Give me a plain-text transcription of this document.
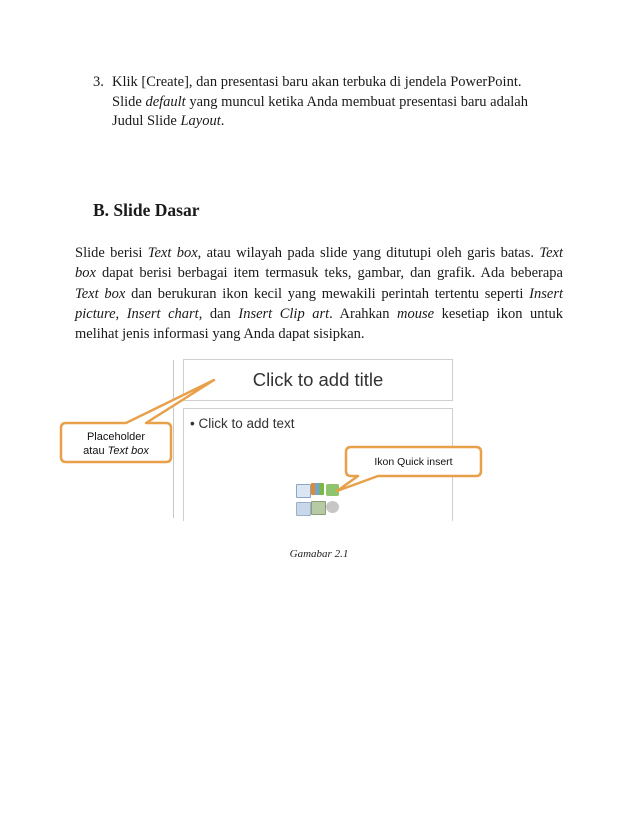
3. Klik [Create], dan presentasi baru akan terbuka di jendela PowerPoint.
Slide default yang muncul ketika Anda membuat presentasi baru adalah
Judul Slide Layout.
B. Slide Dasar
Slide berisi Text box, atau wilayah pada slide yang ditutupi oleh garis batas. Text box dapat berisi berbagai item termasuk teks, gambar, dan grafik. Ada beberapa Text box dan berukuran ikon kecil yang mewakili perintah tertentu seperti Insert picture, Insert chart, dan Insert Clip art. Arahkan mouse kesetiap ikon untuk melihat jenis informasi yang Anda dapat sisipkan.
Click to add title
• Click to add text
Placeholder
atau Text box
Ikon Quick insert
Gamabar 2.1
